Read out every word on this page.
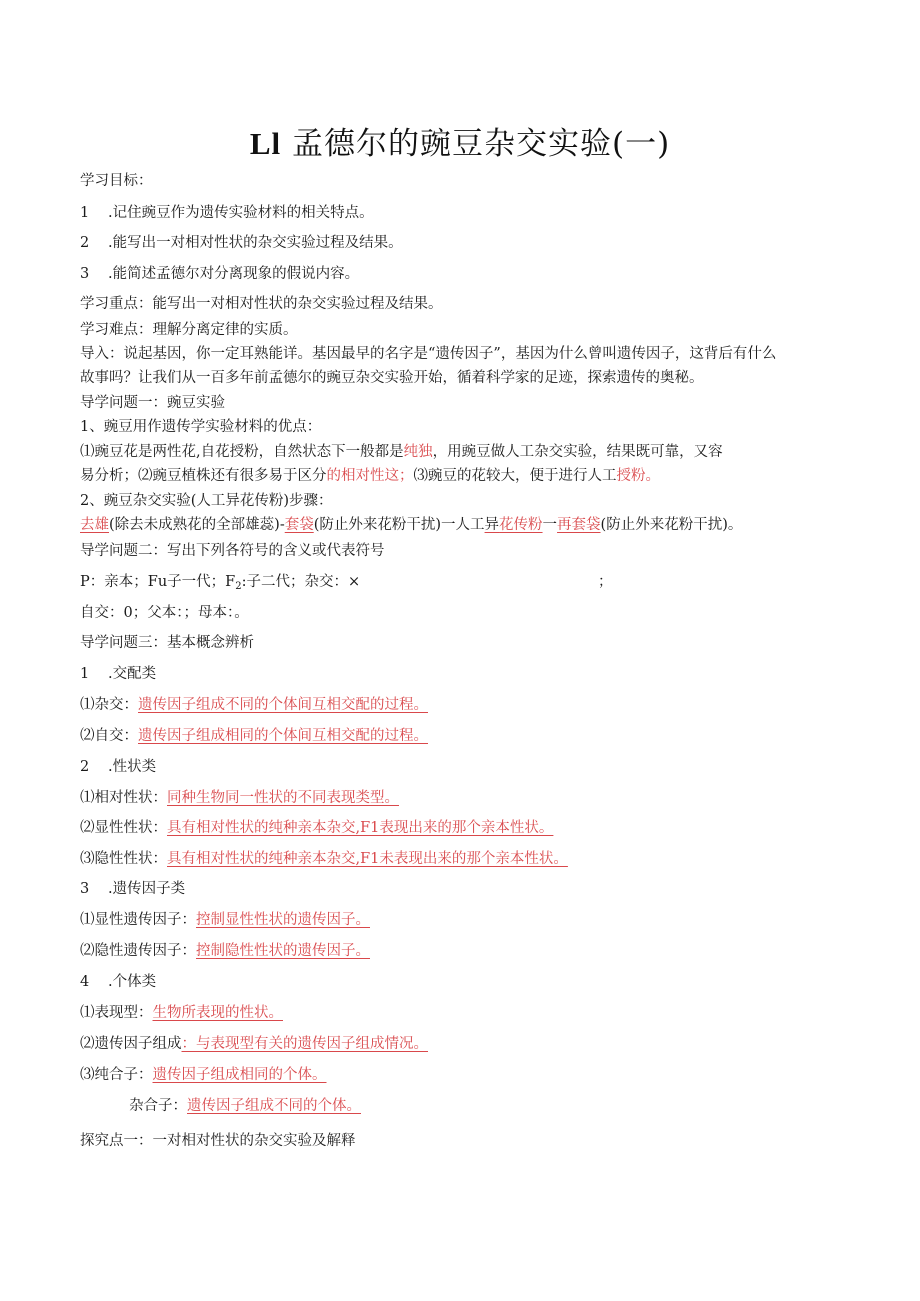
Ll 孟德尔的豌豆杂交实验(一)
学习目标：
1 .记住豌豆作为遗传实验材料的相关特点。
2 .能写出一对相对性状的杂交实验过程及结果。
3 .能简述孟德尔对分离现象的假说内容。
学习重点：能写出一对相对性状的杂交实验过程及结果。
学习难点：理解分离定律的实质。
导入：说起基因，你一定耳熟能详。基因最早的名字是“遗传因子”，基因为什么曾叫遗传因子，这背后有什么
故事吗？让我们从一百多年前孟德尔的豌豆杂交实验开始，循着科学家的足迹，探索遗传的奥秘。
导学问题一：豌豆实验
1、豌豆用作遗传学实验材料的优点：
⑴豌豆花是两性花,自花授粉，自然状态下一般都是纯独，用豌豆做人工杂交实验，结果既可靠，又容
易分析；⑵豌豆植株还有很多易于区分的相对性这；⑶豌豆的花较大，便于进行人工授粉。
2、豌豆杂交实验(人工异花传粉)步骤：
去雄(除去未成熟花的全部雄蕊)-套袋(防止外来花粉干扰)一人工异花传粉一再套袋(防止外来花粉干扰)。
导学问题二：写出下列各符号的含义或代表符号
P：亲本；Fu子一代；$F_2$:子二代；杂交：×	；
自交：0；父本：；母本：。
导学问题三：基本概念辨析
1 .交配类
⑴杂交：遗传因子组成不同的个体间互相交配的过程。
⑵自交：遗传因子组成相同的个体间互相交配的过程。
2 .性状类
⑴相对性状：同种生物同一性状的不同表现类型。
⑵显性性状：具有相对性状的纯种亲本杂交,F1表现出来的那个亲本性状。
⑶隐性性状：具有相对性状的纯种亲本杂交,F1未表现出来的那个亲本性状。
3 .遗传因子类
⑴显性遗传因子：控制显性性状的遗传因子。
⑵隐性遗传因子：控制隐性性状的遗传因子。
4 .个体类
⑴表现型：生物所表现的性状。
⑵遗传因子组成：与表现型有关的遗传因子组成情况。
⑶纯合子：遗传因子组成相同的个体。
杂合子：遗传因子组成不同的个体。
探究点一：一对相对性状的杂交实验及解释
